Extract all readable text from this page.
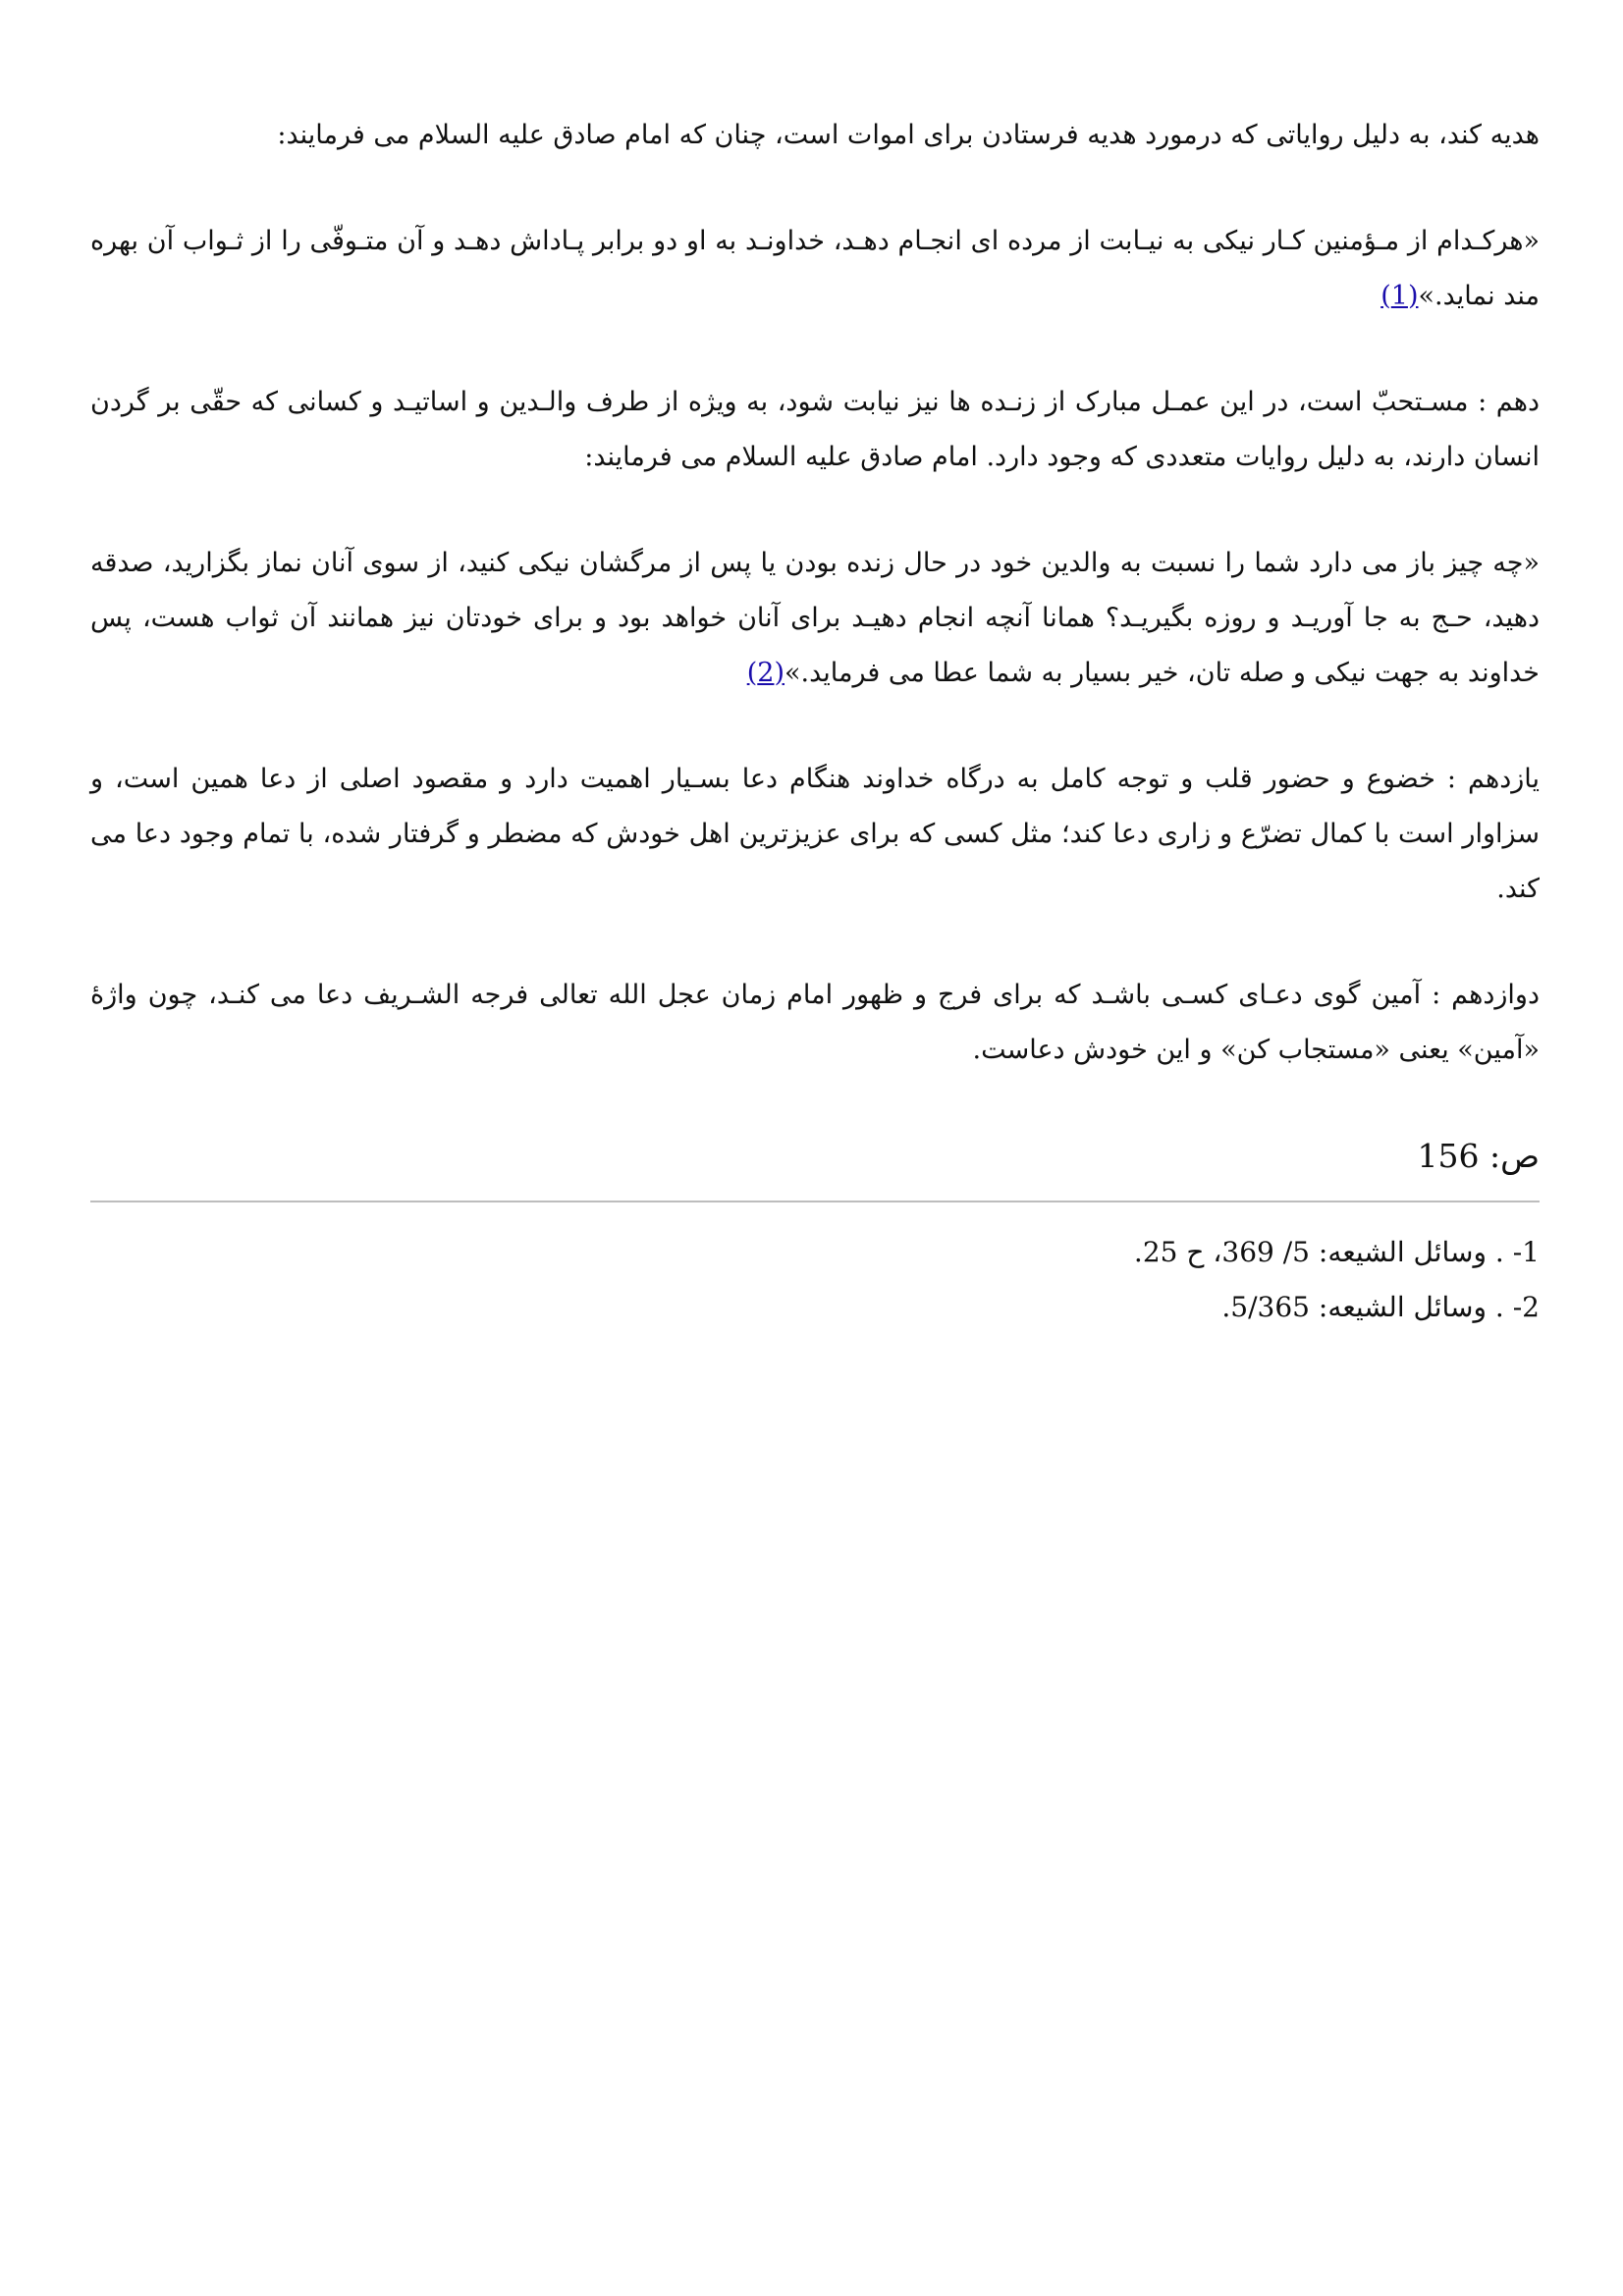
هدیه کند، به دلیل روایاتی که درمورد هدیه فرستادن برای اموات است، چنان که امام صادق علیه السلام می فرمایند:

«هرکـدام از مـؤمنین کـار نیکی به نیـابت از مرده ای انجـام دهـد، خداونـد به او دو برابر پـاداش دهـد و آن متـوفّی را از ثـواب آن بهره مند نماید.»(1)

دهم : مسـتحبّ است، در این عمـل مبارک از زنـده ها نیز نیابت شود، به ویژه از طرف والـدین و اساتیـد و کسانی که حقّی بر گردن انسان دارند، به دلیل روایات متعددی که وجود دارد. امام صادق علیه السلام می فرمایند:

«چه چیز باز می دارد شما را نسبت به والدین خود در حال زنده بودن یا پس از مرگشان نیکی کنید، از سوی آنان نماز بگزارید، صدقه دهید، حـج به جا آوریـد و روزه بگیریـد؟ همانا آنچه انجام دهیـد برای آنان خواهد بود و برای خودتان نیز همانند آن ثواب هست، پس خداوند به جهت نیکی و صله تان، خیر بسیار به شما عطا می فرماید.»(2)

یازدهم : خضوع و حضور قلب و توجه کامل به درگاه خداوند هنگام دعا بسـیار اهمیت دارد و مقصود اصلی از دعا همین است، و سزاوار است با کمال تضرّع و زاری دعا کند؛ مثل کسی که برای عزیزترین اهل خودش که مضطر و گرفتار شده، با تمام وجود دعا می کند.

دوازدهم : آمین گوی دعـای کسـی باشـد که برای فرج و ظهور امام زمان عجل الله تعالی فرجه الشـریف دعا می کنـد، چون واژهٔ «آمین» یعنی «مستجاب کن» و این خودش دعاست.

ص: 156

1- . وسائل الشیعه: 5/ 369، ح 25.

2- . وسائل الشیعه: 5/365.
